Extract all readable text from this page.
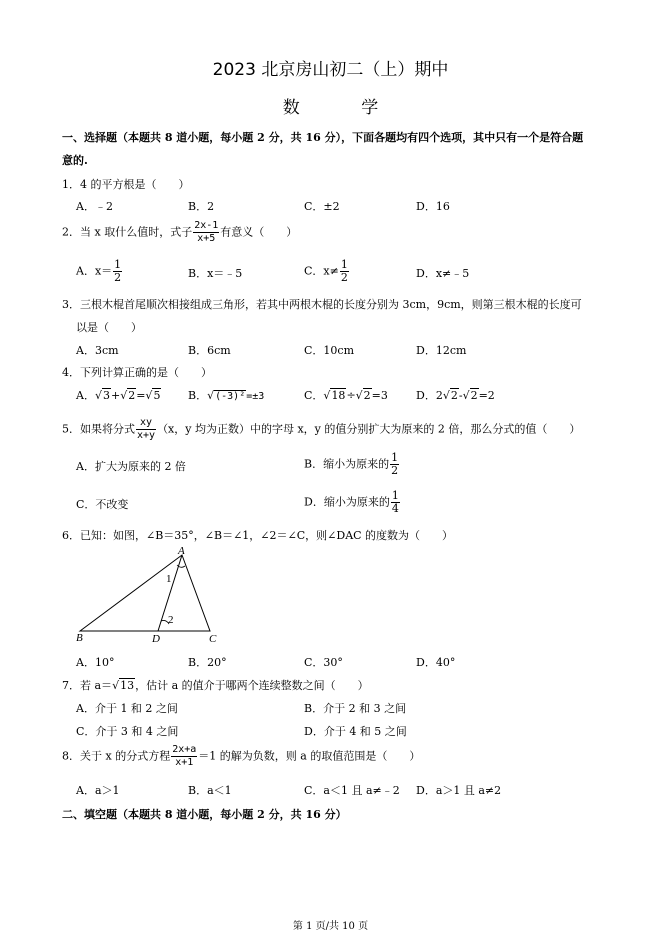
2023 北京房山初二（上）期中
数 学
一、选择题（本题共 8 道小题，每小题 2 分，共 16 分），下面各题均有四个选项，其中只有一个是符合题
意的.
1．4 的平方根是（　　）
A．﹣2	B．2	C．±2	D．16
2．当 x 取什么值时，式子 $\frac{2x-1}{x+5}$ 有意义（　　）
A．$x= \frac{1}{2}$	B．x＝﹣5	C．$x\ne \frac{1}{2}$	D．x≠﹣5
3．三根木棍首尾顺次相接组成三角形，若其中两根木棍的长度分别为 3cm，9cm，则第三根木棍的长度可
以是（　　）
A．3cm	B．6cm	C．10cm	D．12cm
4．下列计算正确的是（　　）
A．√3+√2=√5	B．√(-3)²=±3	C．√18÷√2=3	D．2√2-√2=2
5．如果将分式 $\frac{xy}{x+y} (x$，y 均为正数）中的字母 x，y 的值分别扩大为原来的 2 倍，那么分式的值（　　）
A．扩大为原来的 2 倍	B．缩小为原来的 $\frac{1}{2}$
C．不改变	D．缩小为原来的 $\frac{1}{4}$
6．已知：如图，∠B＝35°，∠B＝∠1，∠2＝∠C，则∠DAC 的度数为（　　）
A
B	D	C
1
2
A．10°	B．20°	C．30°	D．40°
7．若 a＝√13，估计 a 的值介于哪两个连续整数之间（　　）
A．介于 1 和 2 之间	B．介于 2 和 3 之间
C．介于 3 和 4 之间	D．介于 4 和 5 之间
8．关于 x 的分式方程 $\frac{2x+a}{x+1} =1$ 的解为负数，则 a 的取值范围是（　　）
A．a＞1	B．a＜1	C．a＜1 且 a≠﹣2 D．a＞1 且 a≠2
二、填空题（本题共 8 道小题，每小题 2 分，共 16 分）
第 1 页/共 10 页
